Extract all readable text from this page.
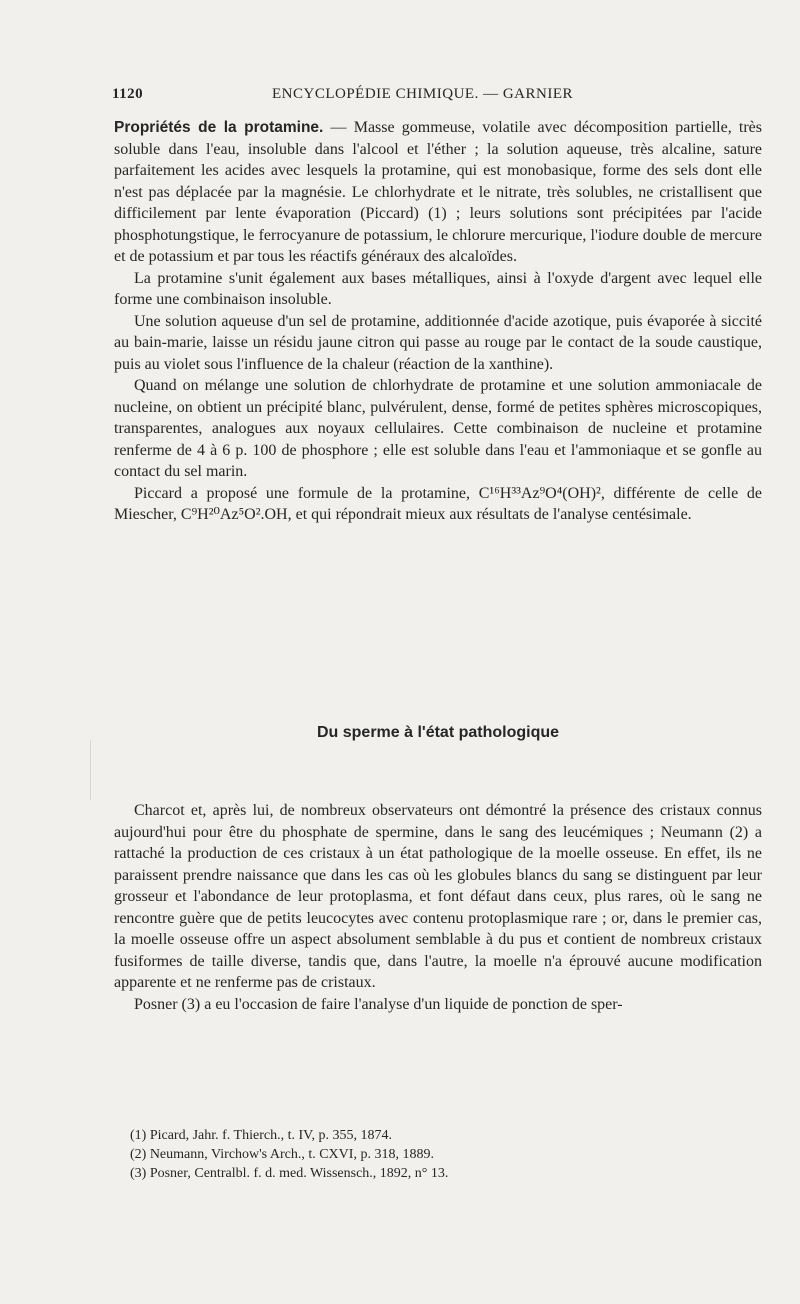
1120	ENCYCLOPÉDIE CHIMIQUE. — GARNIER

Propriétés de la protamine. — Masse gommeuse, volatile avec décomposition partielle, très soluble dans l'eau, insoluble dans l'alcool et l'éther ; la solution aqueuse, très alcaline, sature parfaitement les acides avec lesquels la protamine, qui est monobasique, forme des sels dont elle n'est pas déplacée par la magnésie. Le chlorhydrate et le nitrate, très solubles, ne cristallisent que difficilement par lente évaporation (Piccard) (1) ; leurs solutions sont précipitées par l'acide phosphotungstique, le ferrocyanure de potassium, le chlorure mercurique, l'iodure double de mercure et de potassium et par tous les réactifs généraux des alcaloïdes.

La protamine s'unit également aux bases métalliques, ainsi à l'oxyde d'argent avec lequel elle forme une combinaison insoluble.

Une solution aqueuse d'un sel de protamine, additionnée d'acide azotique, puis évaporée à siccité au bain-marie, laisse un résidu jaune citron qui passe au rouge par le contact de la soude caustique, puis au violet sous l'influence de la chaleur (réaction de la xanthine).

Quand on mélange une solution de chlorhydrate de protamine et une solution ammoniacale de nucleine, on obtient un précipité blanc, pulvérulent, dense, formé de petites sphères microscopiques, transparentes, analogues aux noyaux cellulaires. Cette combinaison de nucleine et protamine renferme de 4 à 6 p. 100 de phosphore ; elle est soluble dans l'eau et l'ammoniaque et se gonfle au contact du sel marin.

Piccard a proposé une formule de la protamine, C¹⁶H³³Az⁹O⁴(OH)², différente de celle de Miescher, C⁹H²⁰Az⁵O².OH, et qui répondrait mieux aux résultats de l'analyse centésimale.

Du sperme à l'état pathologique

Charcot et, après lui, de nombreux observateurs ont démontré la présence des cristaux connus aujourd'hui pour être du phosphate de spermine, dans le sang des leucémiques ; Neumann (2) a rattaché la production de ces cristaux à un état pathologique de la moelle osseuse. En effet, ils ne paraissent prendre naissance que dans les cas où les globules blancs du sang se distinguent par leur grosseur et l'abondance de leur protoplasma, et font défaut dans ceux, plus rares, où le sang ne rencontre guère que de petits leucocytes avec contenu protoplasmique rare ; or, dans le premier cas, la moelle osseuse offre un aspect absolument semblable à du pus et contient de nombreux cristaux fusiformes de taille diverse, tandis que, dans l'autre, la moelle n'a éprouvé aucune modification apparente et ne renferme pas de cristaux.

Posner (3) a eu l'occasion de faire l'analyse d'un liquide de ponction de sper-

(1) Picard, Jahr. f. Thierch., t. IV, p. 355, 1874.

(2) Neumann, Virchow's Arch., t. CXVI, p. 318, 1889.

(3) Posner, Centralbl. f. d. med. Wissensch., 1892, n° 13.
